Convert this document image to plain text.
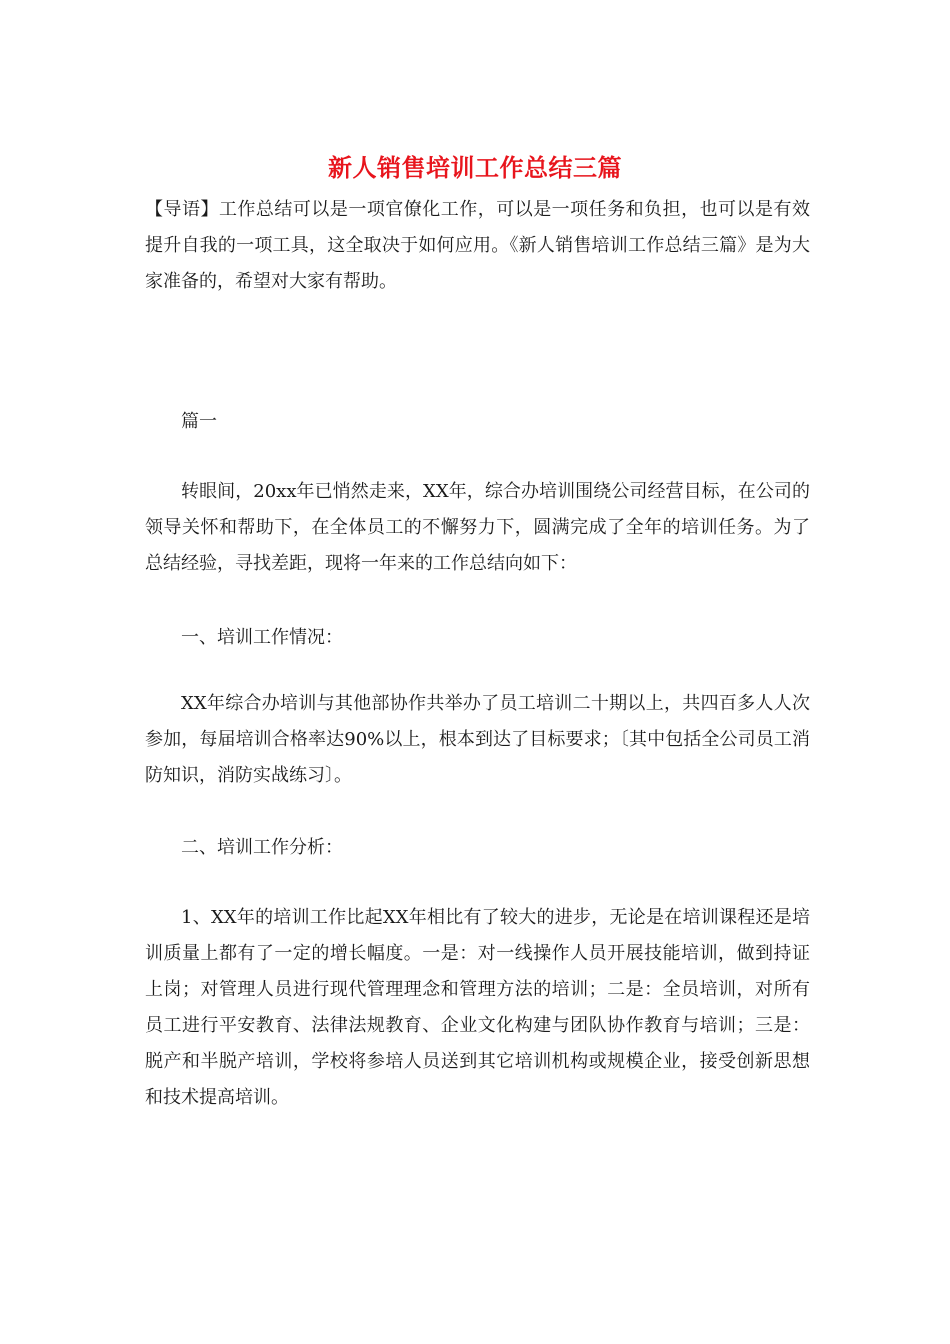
新人销售培训工作总结三篇

【导语】工作总结可以是一项官僚化工作，可以是一项任务和负担，也可以是有效提升自我的一项工具，这全取决于如何应用。《新人销售培训工作总结三篇》是为大家准备的，希望对大家有帮助。

篇一

转眼间，20xx年已悄然走来，XX年，综合办培训围绕公司经营目标，在公司的领导关怀和帮助下，在全体员工的不懈努力下，圆满完成了全年的培训任务。为了总结经验，寻找差距，现将一年来的工作总结向如下：

一、培训工作情况：

XX年综合办培训与其他部协作共举办了员工培训二十期以上，共四百多人人次参加，每届培训合格率达90%以上，根本到达了目标要求；〔其中包括全公司员工消防知识，消防实战练习〕。

二、培训工作分析：

1、XX年的培训工作比起XX年相比有了较大的进步，无论是在培训课程还是培训质量上都有了一定的增长幅度。一是：对一线操作人员开展技能培训，做到持证上岗；对管理人员进行现代管理理念和管理方法的培训；二是：全员培训，对所有员工进行平安教育、法律法规教育、企业文化构建与团队协作教育与培训；三是：脱产和半脱产培训，学校将参培人员送到其它培训机构或规模企业，接受创新思想和技术提高培训。
